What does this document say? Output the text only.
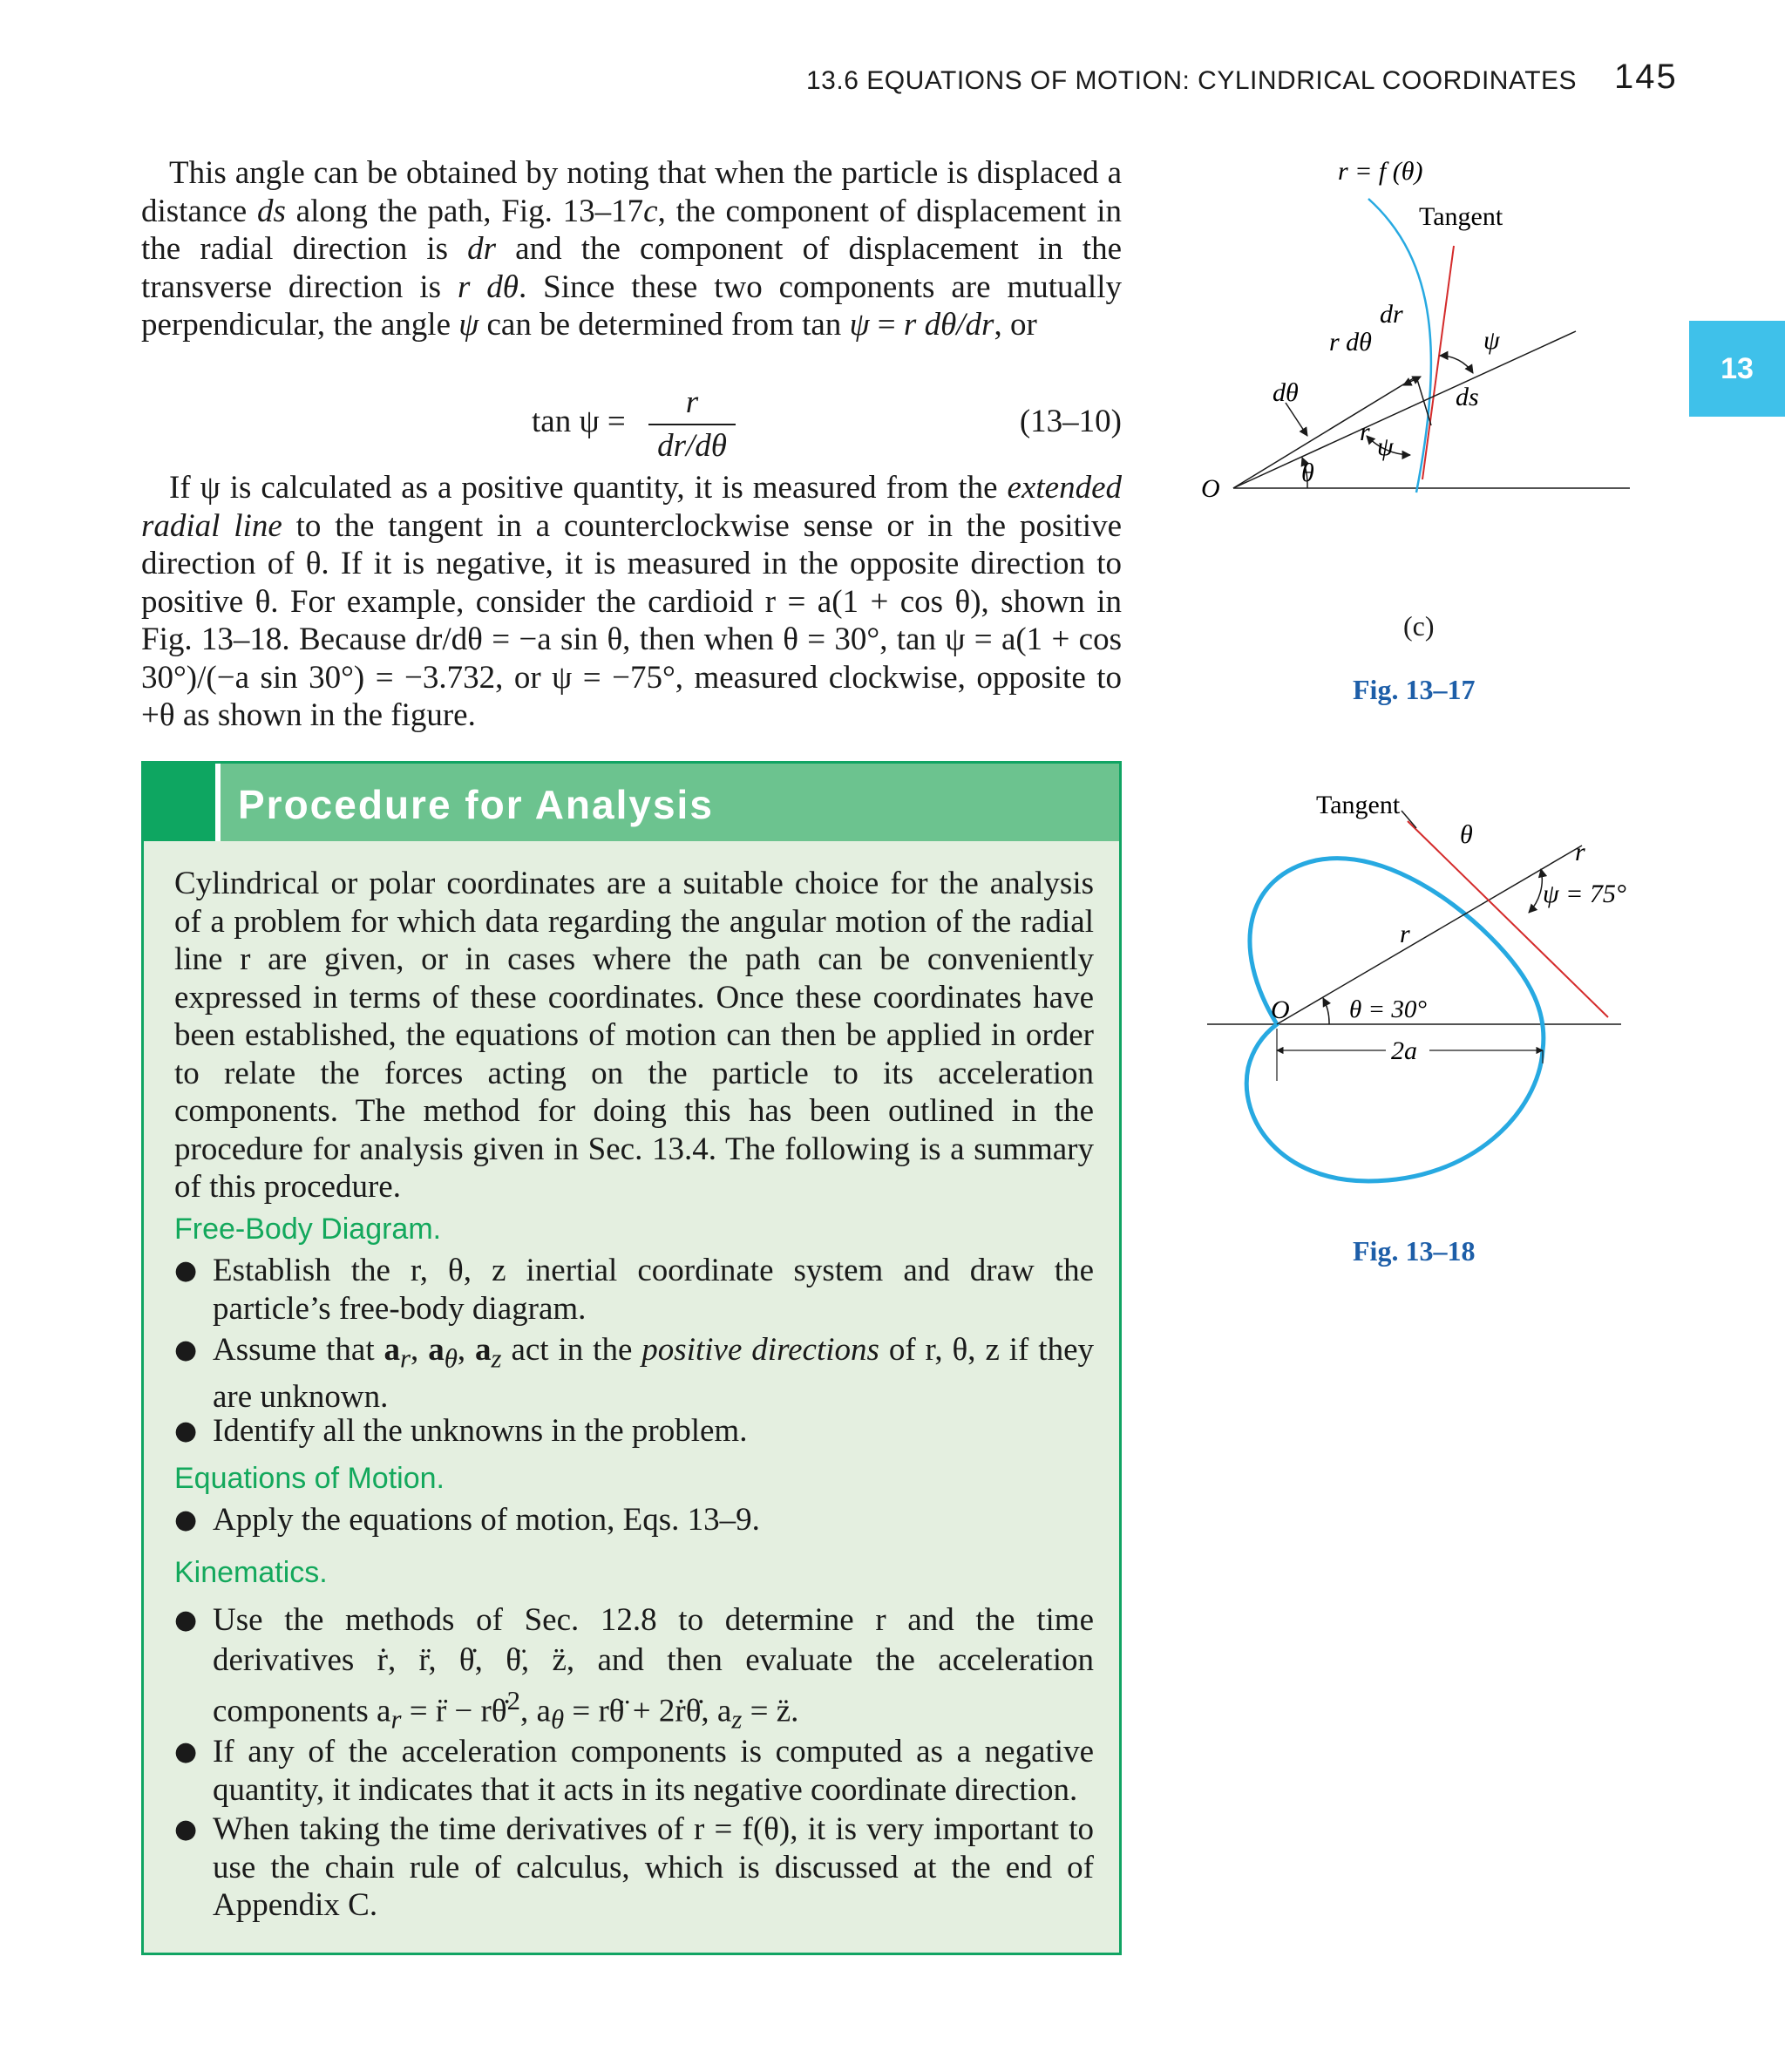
13.6 EQUATIONS OF MOTION: CYLINDRICAL COORDINATES 145
13

This angle can be obtained by noting that when the particle is displaced a distance ds along the path, Fig. 13–17c, the component of displacement in the radial direction is dr and the component of displacement in the transverse direction is r dθ. Since these two components are mutually perpendicular, the angle ψ can be determined from tan ψ = r dθ/dr, or

tan ψ =
r
dr/dθ
(13–10)

If ψ is calculated as a positive quantity, it is measured from the extended radial line to the tangent in a counterclockwise sense or in the positive direction of θ. If it is negative, it is measured in the opposite direction to positive θ. For example, consider the cardioid r = a(1 + cos θ), shown in Fig. 13–18. Because dr/dθ = −a sin θ, then when θ = 30°, tan ψ = a(1 + cos 30°)/(−a sin 30°) = −3.732, or ψ = −75°, measured clockwise, opposite to +θ as shown in the figure.

Procedure for Analysis

Cylindrical or polar coordinates are a suitable choice for the analysis of a problem for which data regarding the angular motion of the radial line r are given, or in cases where the path can be conveniently expressed in terms of these coordinates. Once these coordinates have been established, the equations of motion can then be applied in order to relate the forces acting on the particle to its acceleration components. The method for doing this has been outlined in the procedure for analysis given in Sec. 13.4. The following is a summary of this procedure.

Free-Body Diagram.
● Establish the r, θ, z inertial coordinate system and draw the particle’s free-body diagram.
● Assume that $a_r$, $a_\theta$, $a_z$ act in the positive directions of r, θ, z if they are unknown.
● Identify all the unknowns in the problem.
Equations of Motion.
● Apply the equations of motion, Eqs. 13–9.
Kinematics.
● Use the methods of Sec. 12.8 to determine r and the time derivatives ṙ, r̈, θ̇, θ̈, z̈, and then evaluate the acceleration components $a_r$ = r̈ − rθ̇$^2$, $a_\theta$ = rθ̈ + 2ṙθ̇, $a_z$ = z̈.
● If any of the acceleration components is computed as a negative quantity, it indicates that it acts in its negative coordinate direction.
● When taking the time derivatives of r = f(θ), it is very important to use the chain rule of calculus, which is discussed at the end of Appendix C.
r = f (θ)
Tangent
dr
r dθ	ψ
dθ	ds
r
ψ
O
θ
(c)
Fig. 13–17
Tangent
θ
r
ψ = 75°
r
O θ = 30°
2a
Fig. 13–18
